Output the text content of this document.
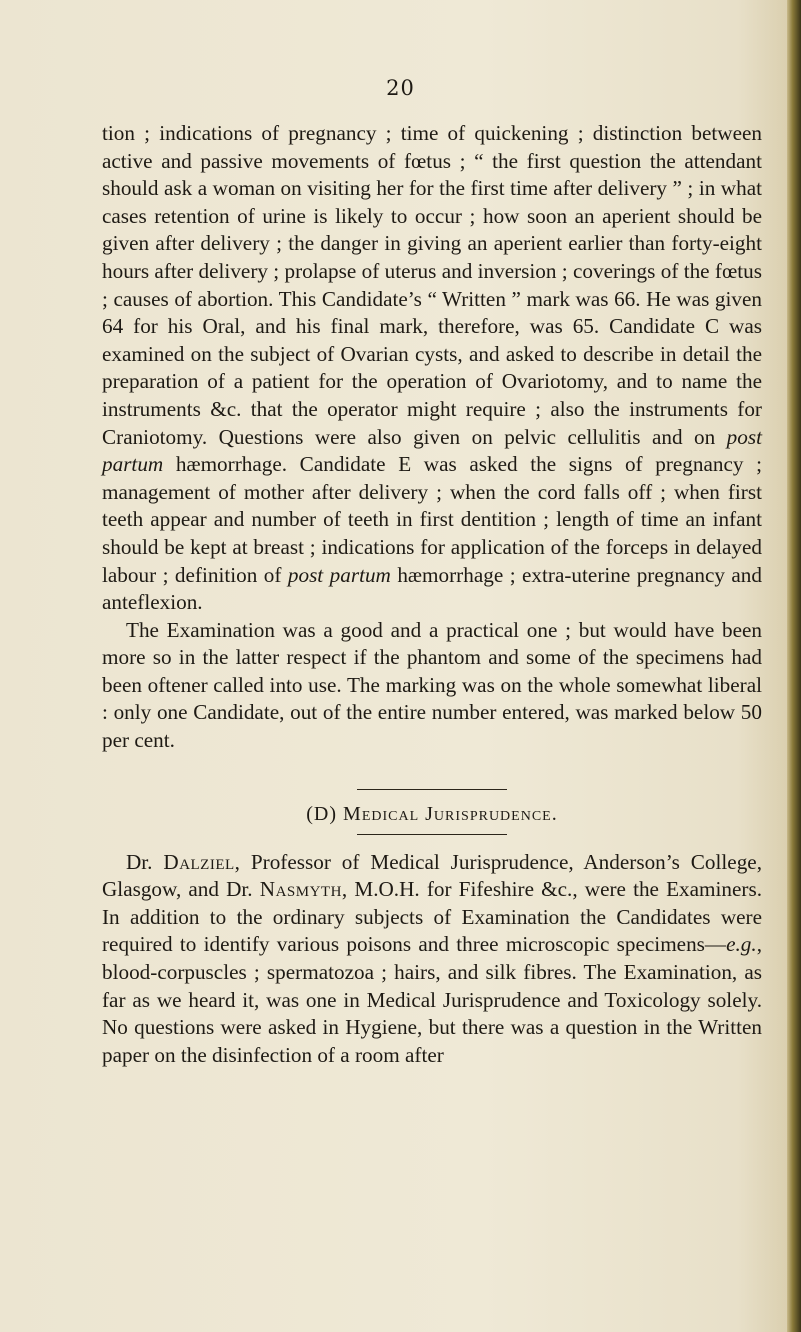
20

tion ; indications of pregnancy ; time of quickening ; distinction between active and passive movements of fœtus ; “ the first question the attendant should ask a woman on visiting her for the first time after delivery ” ; in what cases retention of urine is likely to occur ; how soon an aperient should be given after delivery ; the danger in giving an aperient earlier than forty-eight hours after delivery ; prolapse of uterus and inversion ; coverings of the fœtus ; causes of abortion. This Candidate’s “ Written ” mark was 66. He was given 64 for his Oral, and his final mark, therefore, was 65. Candidate C was examined on the subject of Ovarian cysts, and asked to describe in detail the preparation of a patient for the operation of Ovariotomy, and to name the instruments &c. that the operator might require ; also the instruments for Craniotomy. Questions were also given on pelvic cellulitis and on post partum hæmorrhage. Candidate E was asked the signs of pregnancy ; management of mother after delivery ; when the cord falls off ; when first teeth appear and number of teeth in first dentition ; length of time an infant should be kept at breast ; indications for application of the forceps in delayed labour ; definition of post partum hæmorrhage ; extra-uterine pregnancy and anteflexion.

The Examination was a good and a practical one ; but would have been more so in the latter respect if the phantom and some of the specimens had been oftener called into use. The marking was on the whole somewhat liberal : only one Candidate, out of the entire number entered, was marked below 50 per cent.

(D) Medical Jurisprudence.

Dr. Dalziel, Professor of Medical Jurisprudence, Anderson’s College, Glasgow, and Dr. Nasmyth, M.O.H. for Fifeshire &c., were the Examiners. In addition to the ordinary subjects of Examination the Candidates were required to identify various poisons and three microscopic specimens—e.g., blood-corpuscles ; spermatozoa ; hairs, and silk fibres. The Examination, as far as we heard it, was one in Medical Jurisprudence and Toxicology solely. No questions were asked in Hygiene, but there was a question in the Written paper on the disinfection of a room after
